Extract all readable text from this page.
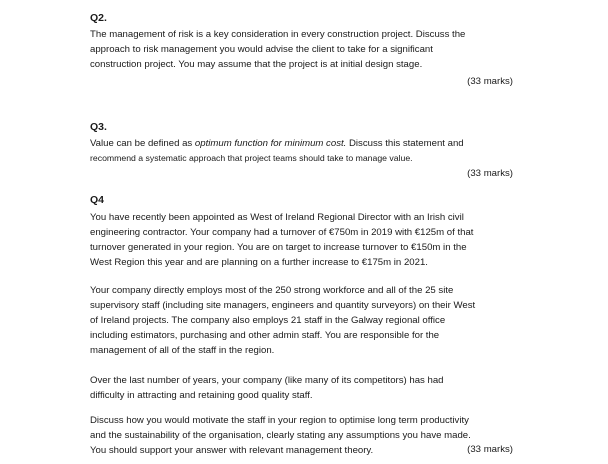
Q2.
The management of risk is a key consideration in every construction project. Discuss the
approach to risk management you would advise the client to take for a significant
construction project. You may assume that the project is at initial design stage.

(33 marks)

Q3.
Value can be defined as optimum function for minimum cost. Discuss this statement and
recommend a systematic approach that project teams should take to manage value.

(33 marks)

Q4
You have recently been appointed as West of Ireland Regional Director with an Irish civil
engineering contractor. Your company had a turnover of €750m in 2019 with €125m of that
turnover generated in your region. You are on target to increase turnover to €150m in the
West Region this year and are planning on a further increase to €175m in 2021.
Your company directly employs most of the 250 strong workforce and all of the 25 site
supervisory staff (including site managers, engineers and quantity surveyors) on their West
of Ireland projects. The company also employs 21 staff in the Galway regional office
including estimators, purchasing and other admin staff. You are responsible for the
management of all of the staff in the region.
Over the last number of years, your company (like many of its competitors) has had
difficulty in attracting and retaining good quality staff.
Discuss how you would motivate the staff in your region to optimise long term productivity
and the sustainability of the organisation, clearly stating any assumptions you have made.
You should support your answer with relevant management theory.	(33 marks)
